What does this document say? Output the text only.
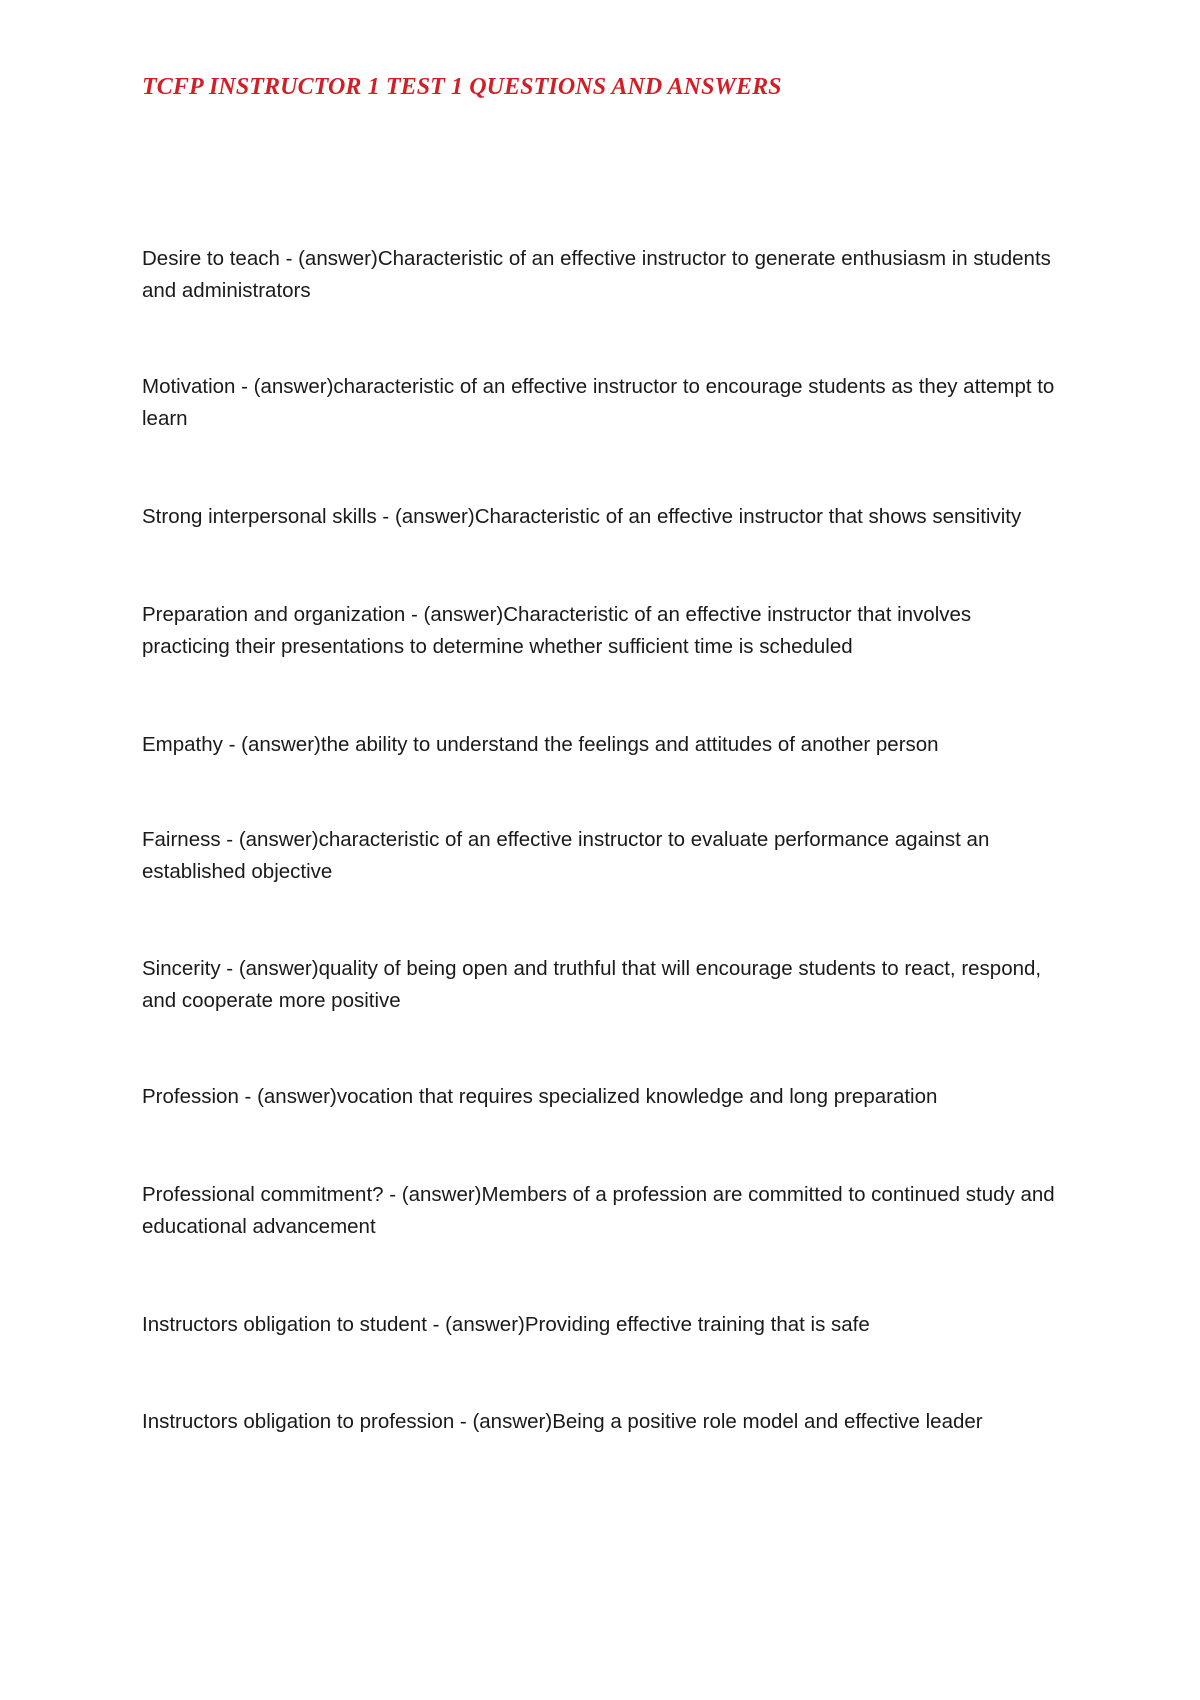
TCFP INSTRUCTOR 1 TEST 1 QUESTIONS AND ANSWERS
Desire to teach - (answer)Characteristic of an effective instructor to generate enthusiasm in students and administrators
Motivation - (answer)characteristic of an effective instructor to encourage students as they attempt to learn
Strong interpersonal skills - (answer)Characteristic of an effective instructor that shows sensitivity
Preparation and organization - (answer)Characteristic of an effective instructor that involves practicing their presentations to determine whether sufficient time is scheduled
Empathy - (answer)the ability to understand the feelings and attitudes of another person
Fairness - (answer)characteristic of an effective instructor to evaluate performance against an established objective
Sincerity - (answer)quality of being open and truthful that will encourage students to react, respond, and cooperate more positive
Profession - (answer)vocation that requires specialized knowledge and long preparation
Professional commitment? - (answer)Members of a profession are committed to continued study and educational advancement
Instructors obligation to student - (answer)Providing effective training that is safe
Instructors obligation to profession - (answer)Being a positive role model and effective leader
